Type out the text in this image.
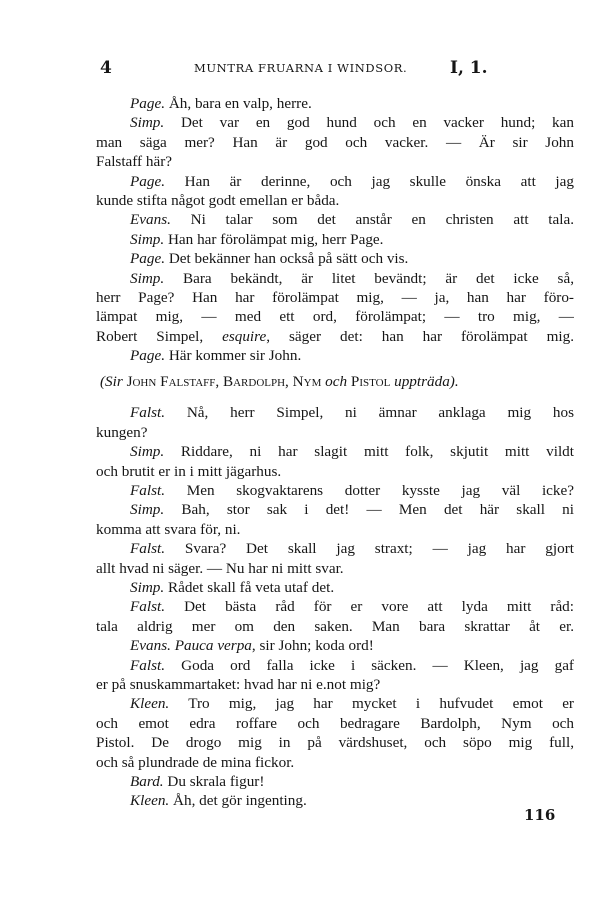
4	MUNTRA FRUARNA I WINDSOR.	I, 1.
Page. Åh, bara en valp, herre.
Simp. Det var en god hund och en vacker hund; kan
man säga mer? Han är god och vacker. — Är sir John
Falstaff här?
Page. Han är derinne, och jag skulle önska att jag
kunde stifta något godt emellan er båda.
Evans. Ni talar som det anstår en christen att tala.
Simp. Han har förolämpat mig, herr Page.
Page. Det bekänner han också på sätt och vis.
Simp. Bara bekändt, är litet bevändt; är det icke så,
herr Page? Han har förolämpat mig, — ja, han har föro-
lämpat mig, — med ett ord, förolämpat; — tro mig, —
Robert Simpel, esquire, säger det: han har förolämpat mig.
Page. Här kommer sir John.
(Sir John Falstaff, Bardolph, Nym och Pistol uppträda).
Falst. Nå, herr Simpel, ni ämnar anklaga mig hos
kungen?
Simp. Riddare, ni har slagit mitt folk, skjutit mitt vildt
och brutit er in i mitt jägarhus.
Falst. Men skogvaktarens dotter kysste jag väl icke?
Simp. Bah, stor sak i det! — Men det här skall ni
komma att svara för, ni.
Falst. Svara? Det skall jag straxt; — jag har gjort
allt hvad ni säger. — Nu har ni mitt svar.
Simp. Rådet skall få veta utaf det.
Falst. Det bästa råd för er vore att lyda mitt råd:
tala aldrig mer om den saken. Man bara skrattar åt er.
Evans. Pauca verpa, sir John; koda ord!
Falst. Goda ord falla icke i säcken. — Kleen, jag gaf
er på snuskammartaket: hvad har ni e.not mig?
Kleen. Tro mig, jag har mycket i hufvudet emot er
och emot edra roffare och bedragare Bardolph, Nym och
Pistol. De drogo mig in på värdshuset, och söpo mig full,
och så plundrade de mina fickor.
Bard. Du skrala figur!
Kleen. Åh, det gör ingenting.
116
